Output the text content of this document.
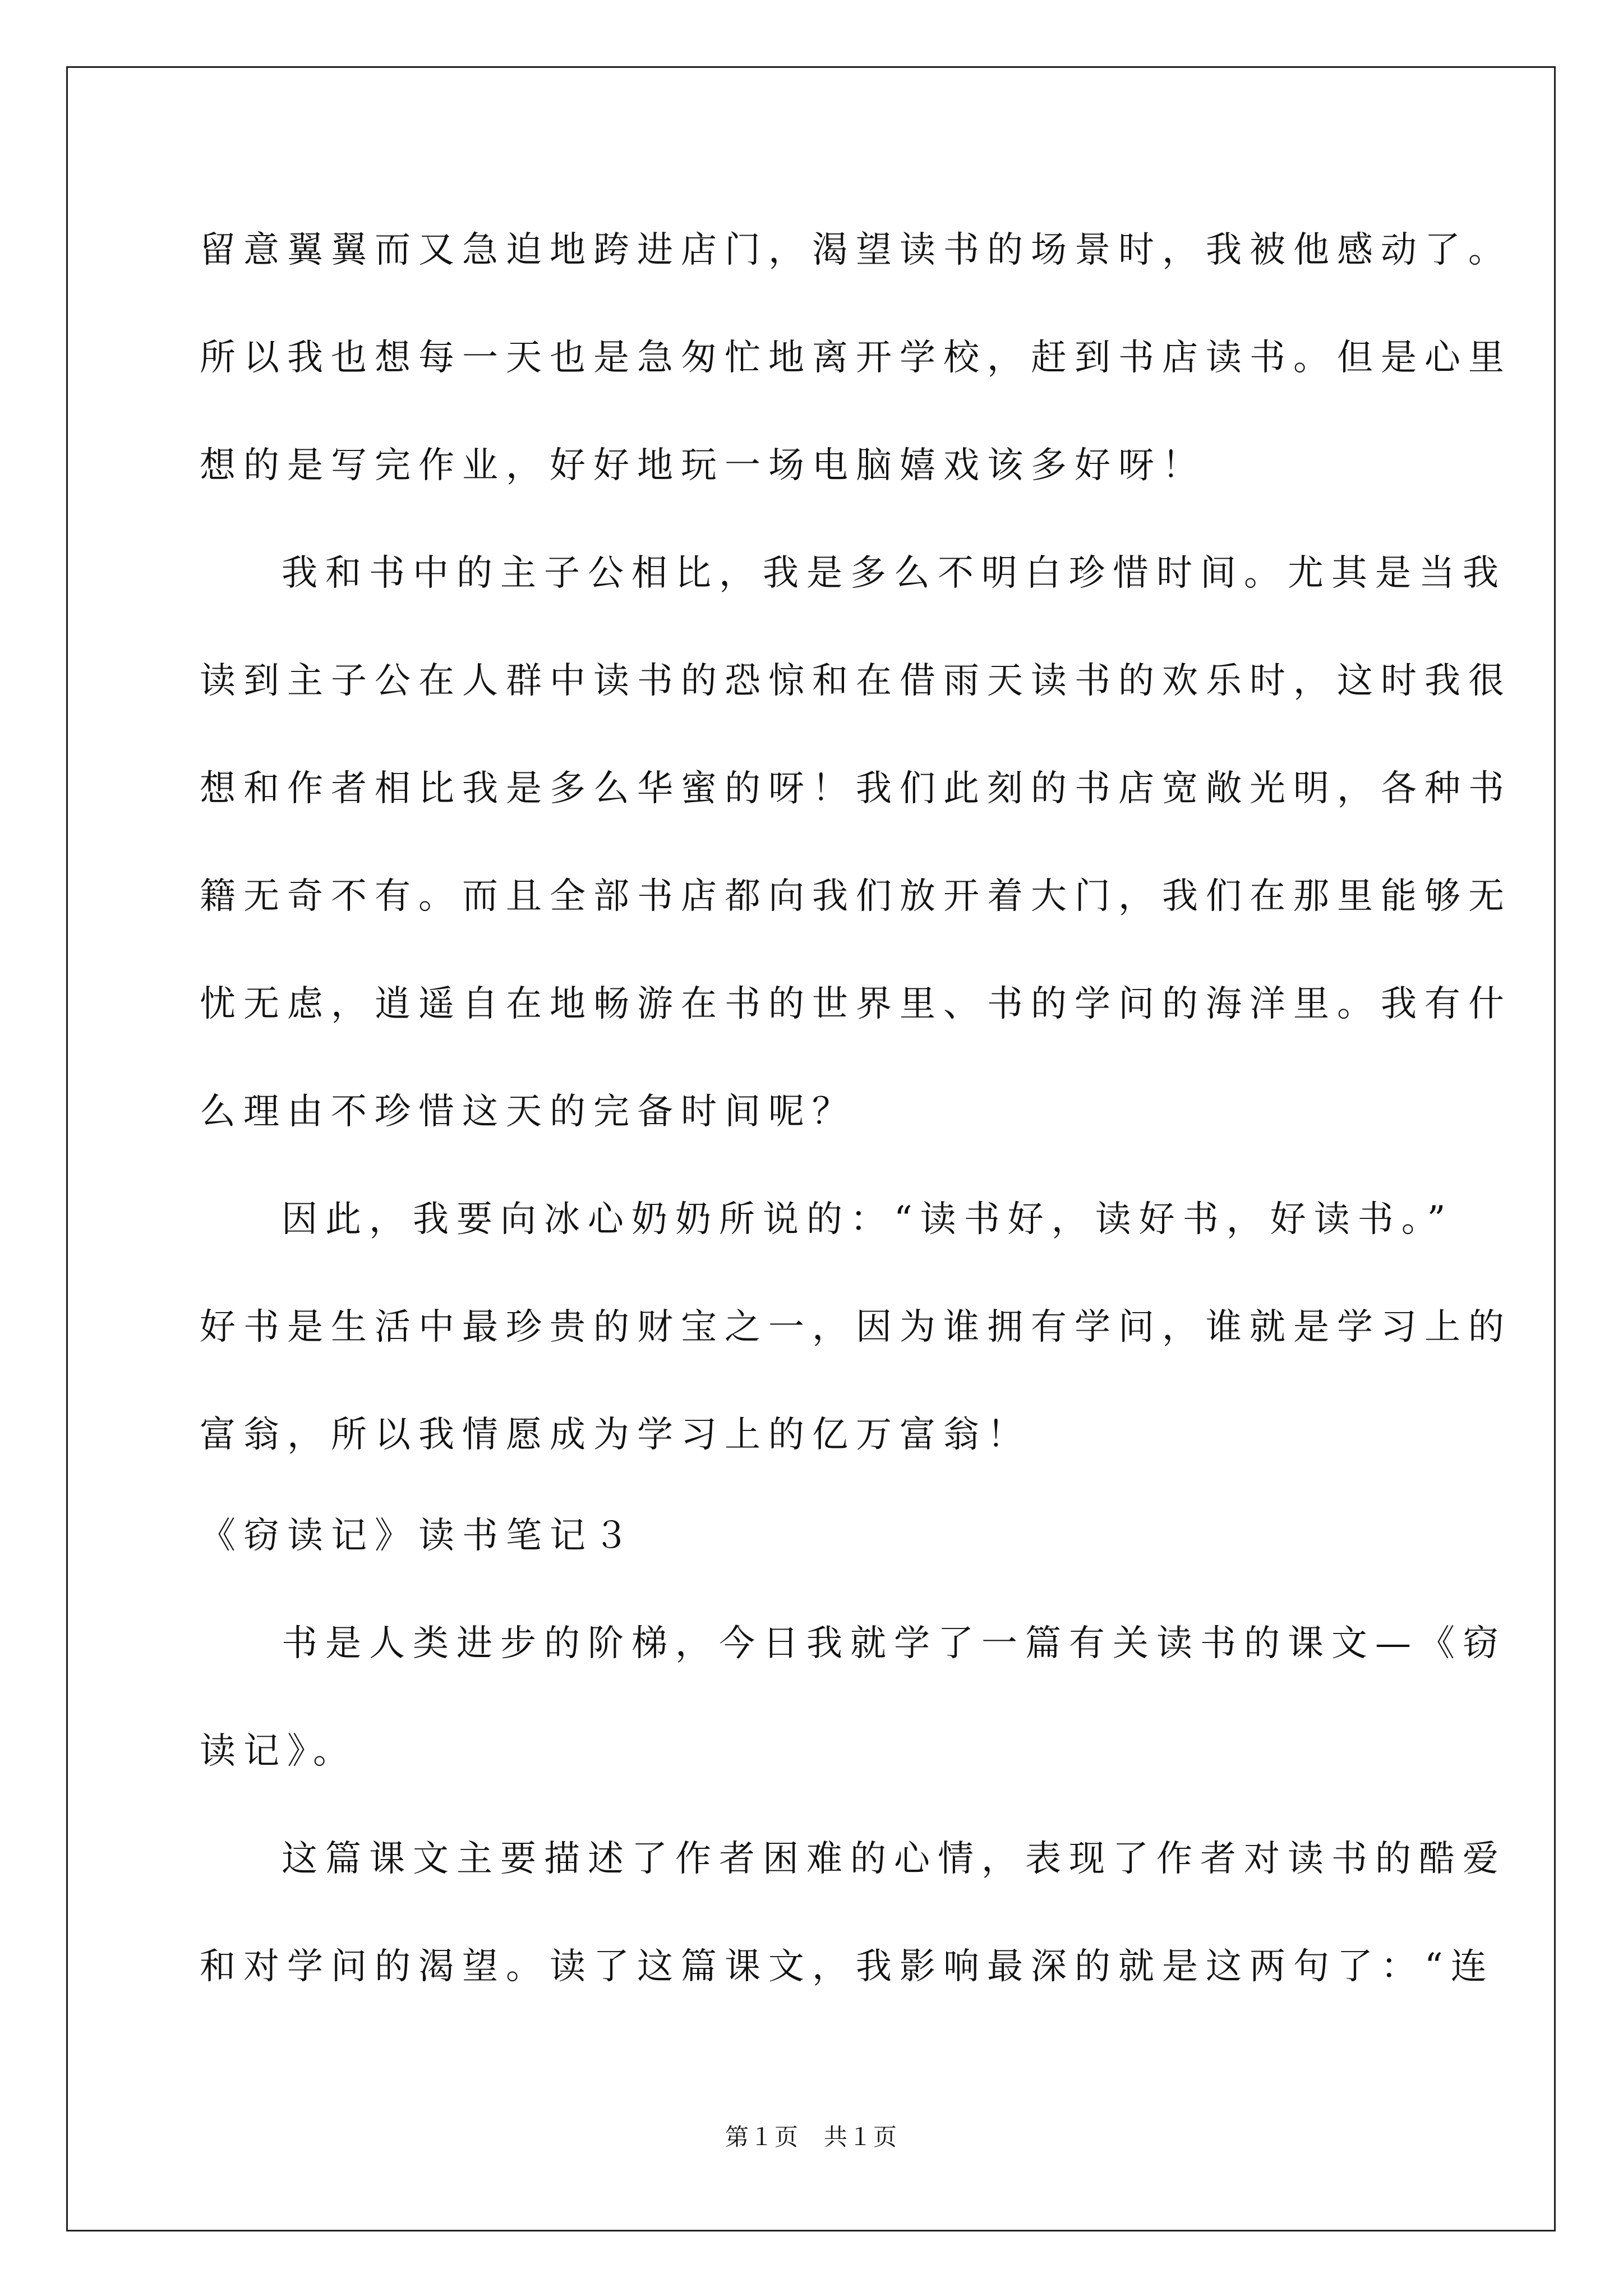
留意翼翼而又急迫地跨进店门，渴望读书的场景时，我被他感动了。
所以我也想每一天也是急匆忙地离开学校，赶到书店读书。但是心里
想的是写完作业，好好地玩一场电脑嬉戏该多好呀！
我和书中的主子公相比，我是多么不明白珍惜时间。尤其是当我
读到主子公在人群中读书的恐惊和在借雨天读书的欢乐时，这时我很
想和作者相比我是多么华蜜的呀！我们此刻的书店宽敞光明，各种书
籍无奇不有。而且全部书店都向我们放开着大门，我们在那里能够无
忧无虑，逍遥自在地畅游在书的世界里、书的学问的海洋里。我有什
么理由不珍惜这天的完备时间呢？
因此，我要向冰心奶奶所说的：“读书好，读好书，好读书。”
好书是生活中最珍贵的财宝之一，因为谁拥有学问，谁就是学习上的
富翁，所以我情愿成为学习上的亿万富翁！
《窃读记》读书笔记３
书是人类进步的阶梯，今日我就学了一篇有关读书的课文—《窃
读记》。
这篇课文主要描述了作者困难的心情，表现了作者对读书的酷爱
和对学问的渴望。读了这篇课文，我影响最深的就是这两句了：“连
第１页　共１页
